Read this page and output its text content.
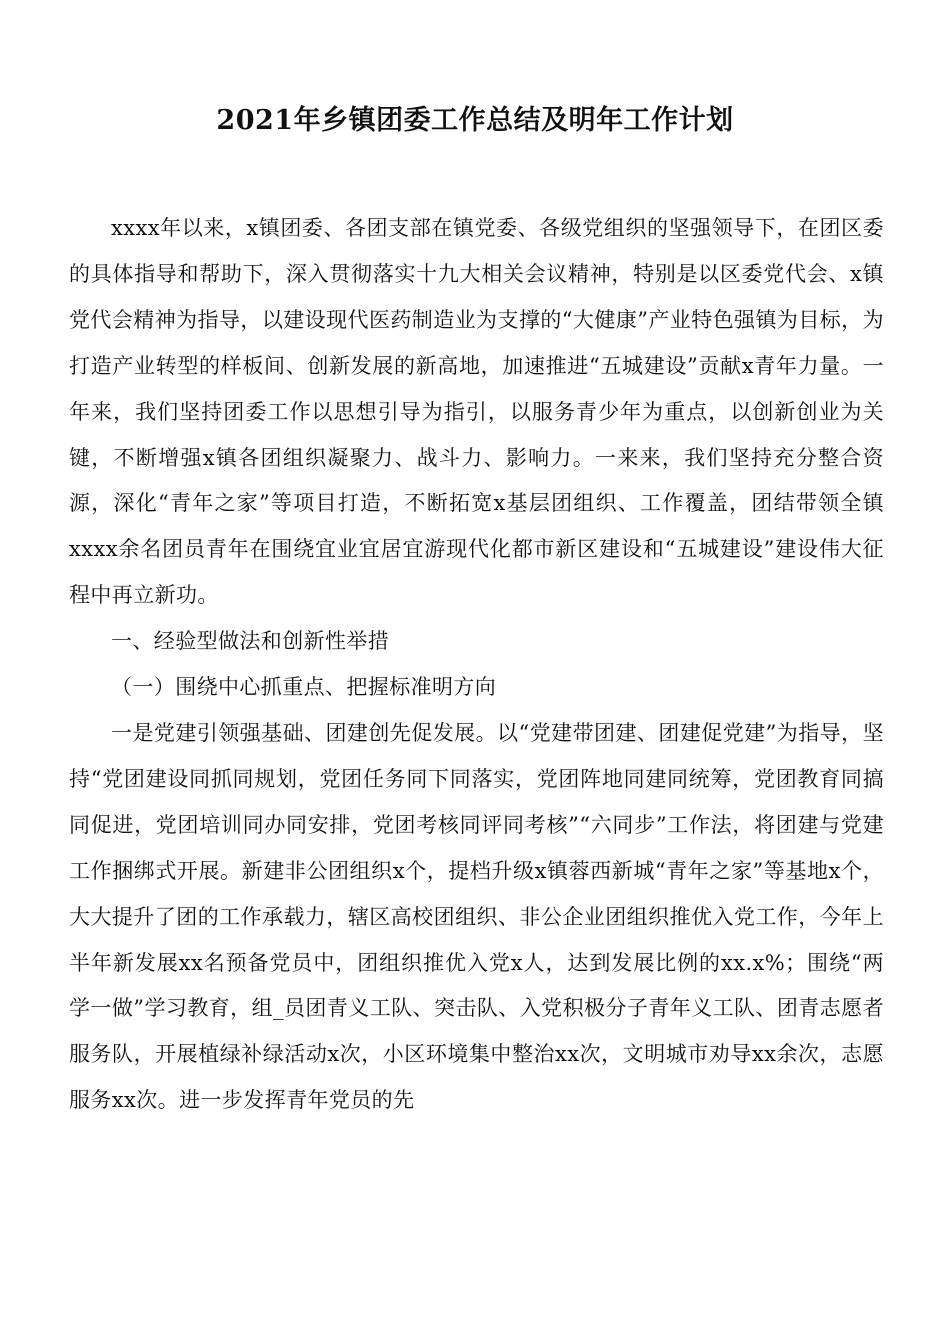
2021年乡镇团委工作总结及明年工作计划

xxxx年以来，x镇团委、各团支部在镇党委、各级党组织的坚强领导下，在团区委的具体指导和帮助下，深入贯彻落实十九大相关会议精神，特别是以区委党代会、x镇党代会精神为指导，以建设现代医药制造业为支撑的“大健康”产业特色强镇为目标，为打造产业转型的样板间、创新发展的新高地，加速推进“五城建设”贡献x青年力量。一年来，我们坚持团委工作以思想引导为指引，以服务青少年为重点，以创新创业为关键，不断增强x镇各团组织凝聚力、战斗力、影响力。一来来，我们坚持充分整合资源，深化“青年之家”等项目打造，不断拓宽x基层团组织、工作覆盖，团结带领全镇xxxx余名团员青年在围绕宜业宜居宜游现代化都市新区建设和“五城建设”建设伟大征程中再立新功。

一、经验型做法和创新性举措

（一）围绕中心抓重点、把握标准明方向

一是党建引领强基础、团建创先促发展。以“党建带团建、团建促党建”为指导，坚持“党团建设同抓同规划，党团任务同下同落实，党团阵地同建同统筹，党团教育同搞同促进，党团培训同办同安排，党团考核同评同考核”“六同步”工作法，将团建与党建工作捆绑式开展。新建非公团组织x个，提档升级x镇蓉西新城“青年之家”等基地x个，大大提升了团的工作承载力，辖区高校团组织、非公企业团组织推优入党工作，今年上半年新发展xx名预备党员中，团组织推优入党x人，达到发展比例的xx.x%；围绕“两学一做”学习教育，组_员团青义工队、突击队、入党积极分子青年义工队、团青志愿者服务队，开展植绿补绿活动x次，小区环境集中整治xx次，文明城市劝导xx余次，志愿服务xx次。进一步发挥青年党员的先
